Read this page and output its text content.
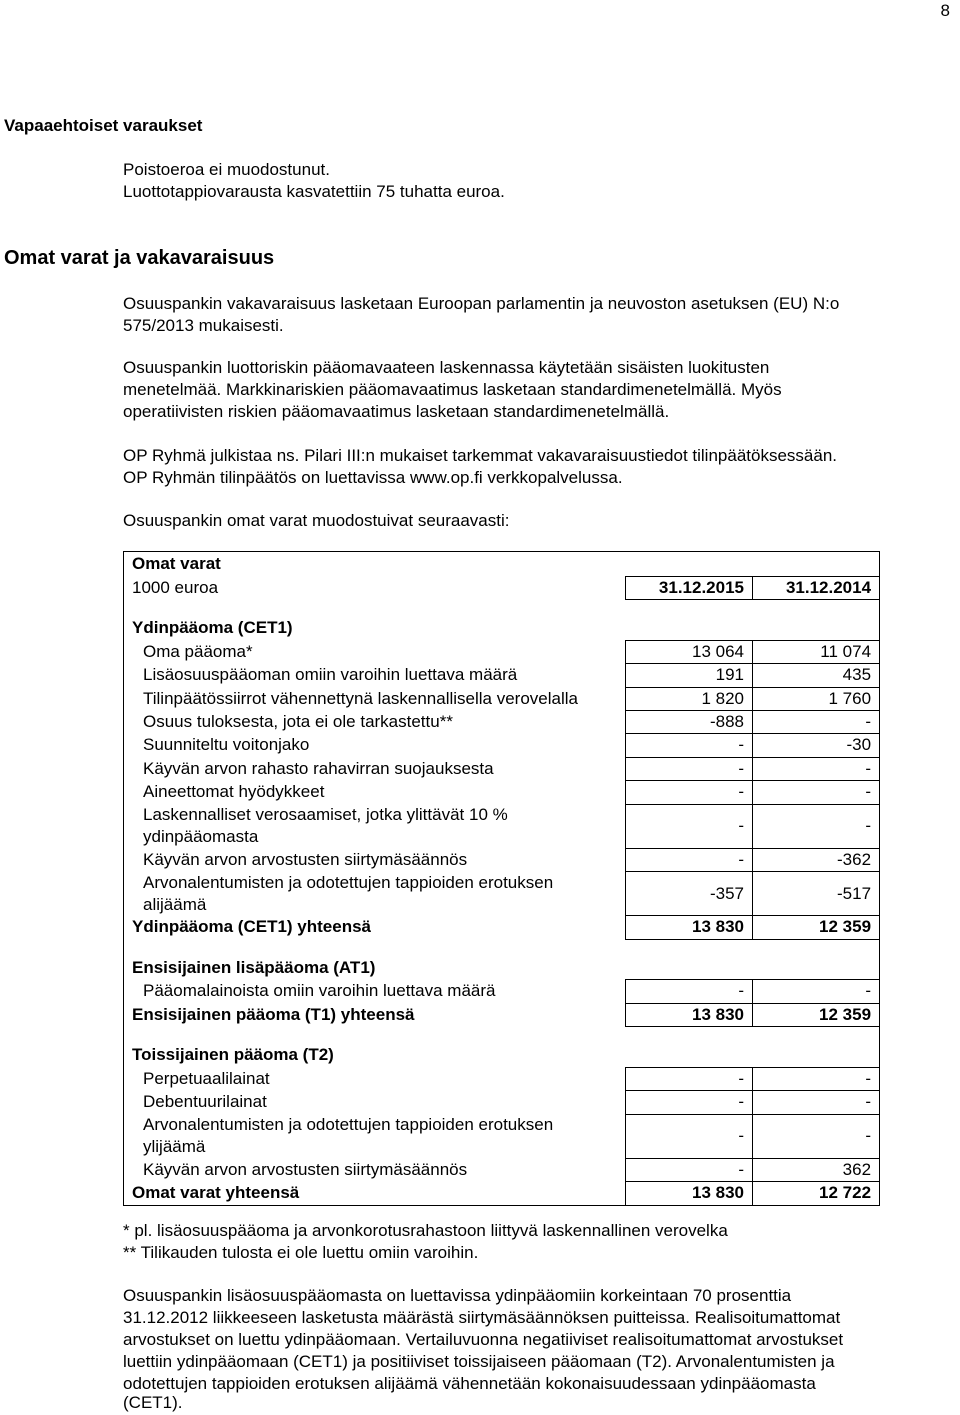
8
Vapaaehtoiset varaukset
Poistoeroa ei muodostunut.
Luottotappiovarausta kasvatettiin 75 tuhatta euroa.
Omat varat ja vakavaraisuus
Osuuspankin vakavaraisuus lasketaan Euroopan parlamentin ja neuvoston asetuksen (EU) N:o
575/2013 mukaisesti.
Osuuspankin luottoriskin pääomavaateen laskennassa käytetään sisäisten luokitusten
menetelmää. Markkinariskien pääomavaatimus lasketaan standardimenetelmällä. Myös
operatiivisten riskien pääomavaatimus lasketaan standardimenetelmällä.
OP Ryhmä julkistaa ns. Pilari III:n mukaiset tarkemmat vakavaraisuustiedot tilinpäätöksessään.
OP Ryhmän tilinpäätös on luettavissa www.op.fi verkkopalvelussa.
Osuuspankin omat varat muodostuivat seuraavasti:
Omat varat		
1000 euroa	31.12.2015	31.12.2014

Ydinpääoma (CET1)		
Oma pääoma*	13 064	11 074
Lisäosuuspääoman omiin varoihin luettava määrä	191	435
Tilinpäätössiirrot vähennettynä laskennallisella verovelalla	1 820	1 760
Osuus tuloksesta, jota ei ole tarkastettu**	-888	-
Suunniteltu voitonjako	-	-30
Käyvän arvon rahasto rahavirran suojauksesta	-	-
Aineettomat hyödykkeet	-	-
Laskennalliset verosaamiset, jotka ylittävät 10 % ydinpääomasta	-	-
Käyvän arvon arvostusten siirtymäsäännös	-	-362
Arvonalentumisten ja odotettujen tappioiden erotuksen alijäämä	-357	-517
Ydinpääoma (CET1) yhteensä	13 830	12 359

Ensisijainen lisäpääoma (AT1)		
Pääomalainoista omiin varoihin luettava määrä	-	-
Ensisijainen pääoma (T1) yhteensä	13 830	12 359

Toissijainen pääoma (T2)		
Perpetuaalilainat	-	-
Debentuurilainat	-	-
Arvonalentumisten ja odotettujen tappioiden erotuksen ylijäämä	-	-
Käyvän arvon arvostusten siirtymäsäännös	-	362
Omat varat yhteensä	13 830	12 722
* pl. lisäosuuspääoma ja arvonkorotusrahastoon liittyvä laskennallinen verovelka
** Tilikauden tulosta ei ole luettu omiin varoihin.
Osuuspankin lisäosuuspääomasta on luettavissa ydinpääomiin korkeintaan 70 prosenttia
31.12.2012 liikkeeseen lasketusta määrästä siirtymäsäännöksen puitteissa. Realisoitumattomat
arvostukset on luettu ydinpääomaan. Vertailuvuonna negatiiviset realisoitumattomat arvostukset
luettiin ydinpääomaan (CET1) ja positiiviset toissijaiseen pääomaan (T2). Arvonalentumisten ja
odotettujen tappioiden erotuksen alijäämä vähennetään kokonaisuudessaan ydinpääomasta
(CET1).
